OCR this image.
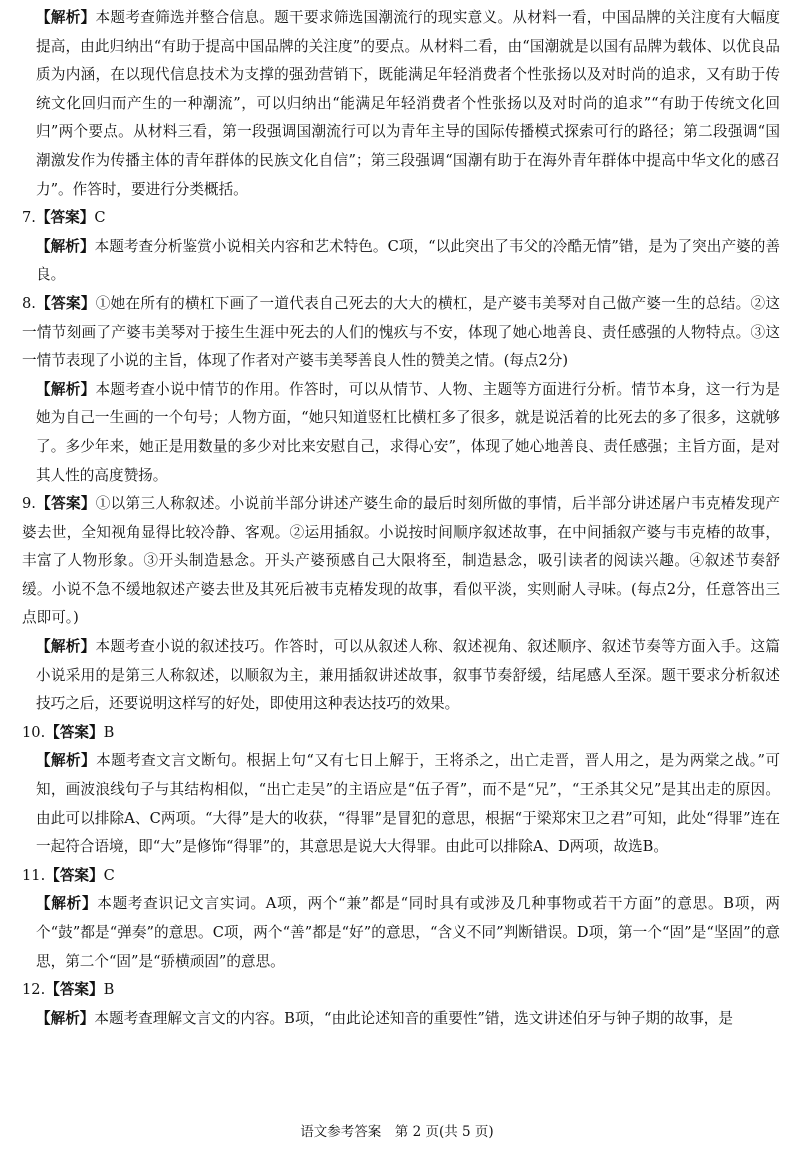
【解析】本题考查筛选并整合信息。题干要求筛选国潮流行的现实意义。从材料一看，中国品牌的关注度有大幅度提高，由此归纳出“有助于提高中国品牌的关注度”的要点。从材料二看，由“国潮就是以国有品牌为载体、以优良品质为内涵，在以现代信息技术为支撑的强劲营销下，既能满足年轻消费者个性张扬以及对时尚的追求，又有助于传统文化回归而产生的一种潮流”，可以归纳出“能满足年轻消费者个性张扬以及对时尚的追求”“有助于传统文化回归”两个要点。从材料三看，第一段强调国潮流行可以为青年主导的国际传播模式探索可行的路径；第二段强调“国潮激发作为传播主体的青年群体的民族文化自信”；第三段强调“国潮有助于在海外青年群体中提高中华文化的感召力”。作答时，要进行分类概括。

7.【答案】C

【解析】本题考查分析鉴赏小说相关内容和艺术特色。C项，“以此突出了韦父的冷酷无情”错，是为了突出产婆的善良。

8.【答案】①她在所有的横杠下画了一道代表自己死去的大大的横杠，是产婆韦美琴对自己做产婆一生的总结。②这一情节刻画了产婆韦美琴对于接生生涯中死去的人们的愧疚与不安，体现了她心地善良、责任感强的人物特点。③这一情节表现了小说的主旨，体现了作者对产婆韦美琴善良人性的赞美之情。(每点2分)

【解析】本题考查小说中情节的作用。作答时，可以从情节、人物、主题等方面进行分析。情节本身，这一行为是她为自己一生画的一个句号；人物方面，“她只知道竖杠比横杠多了很多，就是说活着的比死去的多了很多，这就够了。多少年来，她正是用数量的多少对比来安慰自己，求得心安”，体现了她心地善良、责任感强；主旨方面，是对其人性的高度赞扬。

9.【答案】①以第三人称叙述。小说前半部分讲述产婆生命的最后时刻所做的事情，后半部分讲述屠户韦克椿发现产婆去世，全知视角显得比较冷静、客观。②运用插叙。小说按时间顺序叙述故事，在中间插叙产婆与韦克椿的故事，丰富了人物形象。③开头制造悬念。开头产婆预感自己大限将至，制造悬念，吸引读者的阅读兴趣。④叙述节奏舒缓。小说不急不缓地叙述产婆去世及其死后被韦克椿发现的故事，看似平淡，实则耐人寻味。(每点2分，任意答出三点即可。)

【解析】本题考查小说的叙述技巧。作答时，可以从叙述人称、叙述视角、叙述顺序、叙述节奏等方面入手。这篇小说采用的是第三人称叙述，以顺叙为主，兼用插叙讲述故事，叙事节奏舒缓，结尾感人至深。题干要求分析叙述技巧之后，还要说明这样写的好处，即使用这种表达技巧的效果。

10.【答案】B

【解析】本题考查文言文断句。根据上句“又有七日上解于，王将杀之，出亡走晋，晋人用之，是为两棠之战。”可知，画波浪线句子与其结构相似，“出亡走吴”的主语应是“伍子胥”，而不是“兄”，“王杀其父兄”是其出走的原因。由此可以排除A、C两项。“大得”是大的收获，“得罪”是冒犯的意思，根据“于梁郑宋卫之君”可知，此处“得罪”连在一起符合语境，即“大”是修饰“得罪”的，其意思是说大大得罪。由此可以排除A、D两项，故选B。

11.【答案】C

【解析】本题考查识记文言实词。A项，两个“兼”都是“同时具有或涉及几种事物或若干方面”的意思。B项，两个“鼓”都是“弹奏”的意思。C项，两个“善”都是“好”的意思，“含义不同”判断错误。D项，第一个“固”是“坚固”的意思，第二个“固”是“骄横顽固”的意思。

12.【答案】B

【解析】本题考查理解文言文的内容。B项，“由此论述知音的重要性”错，选文讲述伯牙与钟子期的故事，是

语文参考答案　第 2 页(共 5 页)
